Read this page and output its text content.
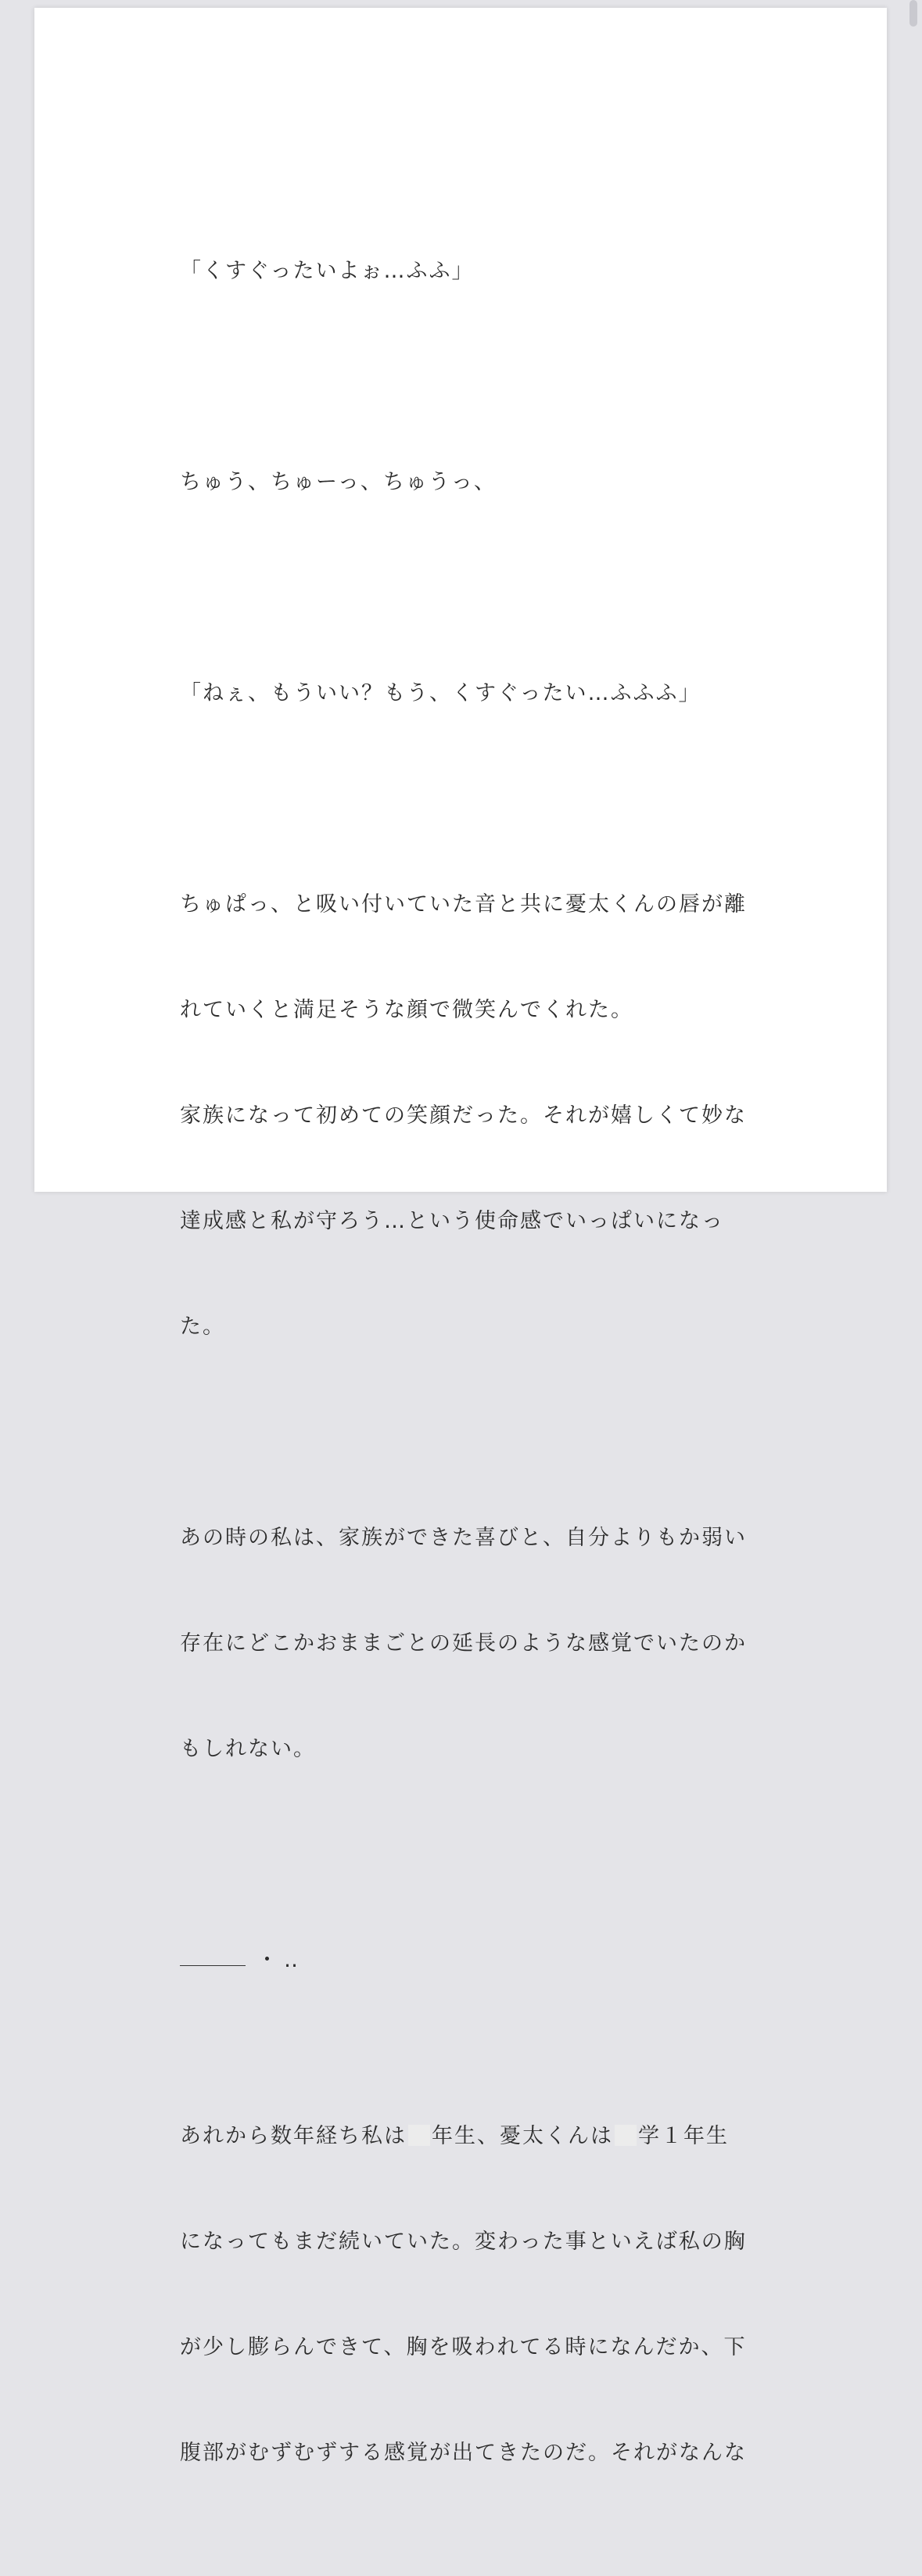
「くすぐったいよぉ…ふふ」

ちゅう、ちゅーっ、ちゅうっ、

「ねぇ、もういい？もう、くすぐったい…ふふふ」

ちゅぱっ、と吸い付いていた音と共に憂太くんの唇が離

れていくと満足そうな顔で微笑んでくれた。

家族になって初めての笑顔だった。それが嬉しくて妙な

達成感と私が守ろう…という使命感でいっぱいになっ

た。

あの時の私は、家族ができた喜びと、自分よりもか弱い

存在にどこかおままごとの延長のような感覚でいたのか

もしれない。

・‥

あれから数年経ち私は 年生、憂太くんは 学１年生

になってもまだ続いていた。変わった事といえば私の胸

が少し膨らんできて、胸を吸われてる時になんだか、下

腹部がむずむずする感覚が出てきたのだ。それがなんな
